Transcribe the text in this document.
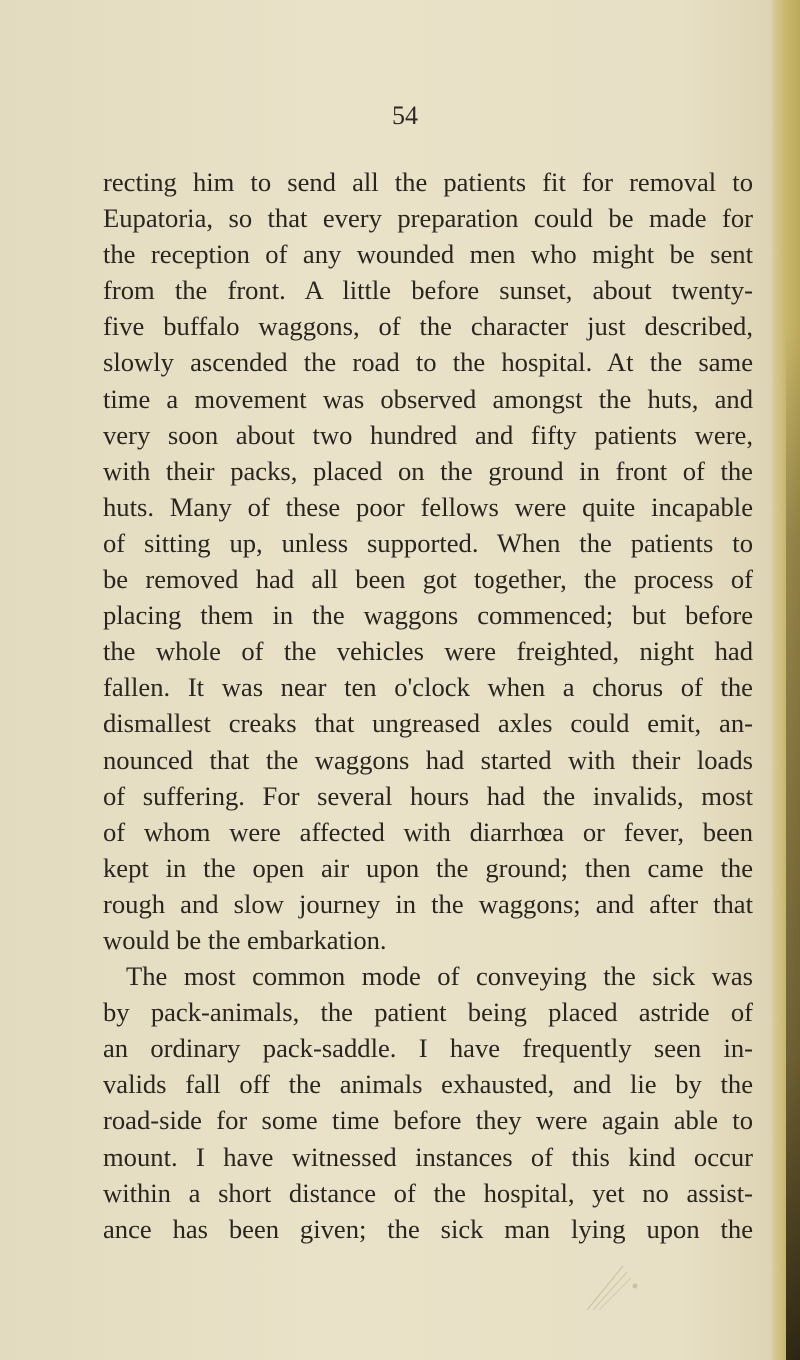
54
recting him to send all the patients fit for removal to
Eupatoria, so that every preparation could be made for
the reception of any wounded men who might be sent
from the front. A little before sunset, about twenty-
five buffalo waggons, of the character just described,
slowly ascended the road to the hospital. At the same
time a movement was observed amongst the huts, and
very soon about two hundred and fifty patients were,
with their packs, placed on the ground in front of the
huts. Many of these poor fellows were quite incapable
of sitting up, unless supported. When the patients to
be removed had all been got together, the process of
placing them in the waggons commenced; but before
the whole of the vehicles were freighted, night had
fallen. It was near ten o'clock when a chorus of the
dismallest creaks that ungreased axles could emit, an-
nounced that the waggons had started with their loads
of suffering. For several hours had the invalids, most
of whom were affected with diarrhœa or fever, been
kept in the open air upon the ground; then came the
rough and slow journey in the waggons; and after that
would be the embarkation.
The most common mode of conveying the sick was
by pack-animals, the patient being placed astride of
an ordinary pack-saddle. I have frequently seen in-
valids fall off the animals exhausted, and lie by the
road-side for some time before they were again able to
mount. I have witnessed instances of this kind occur
within a short distance of the hospital, yet no assist-
ance has been given; the sick man lying upon the
